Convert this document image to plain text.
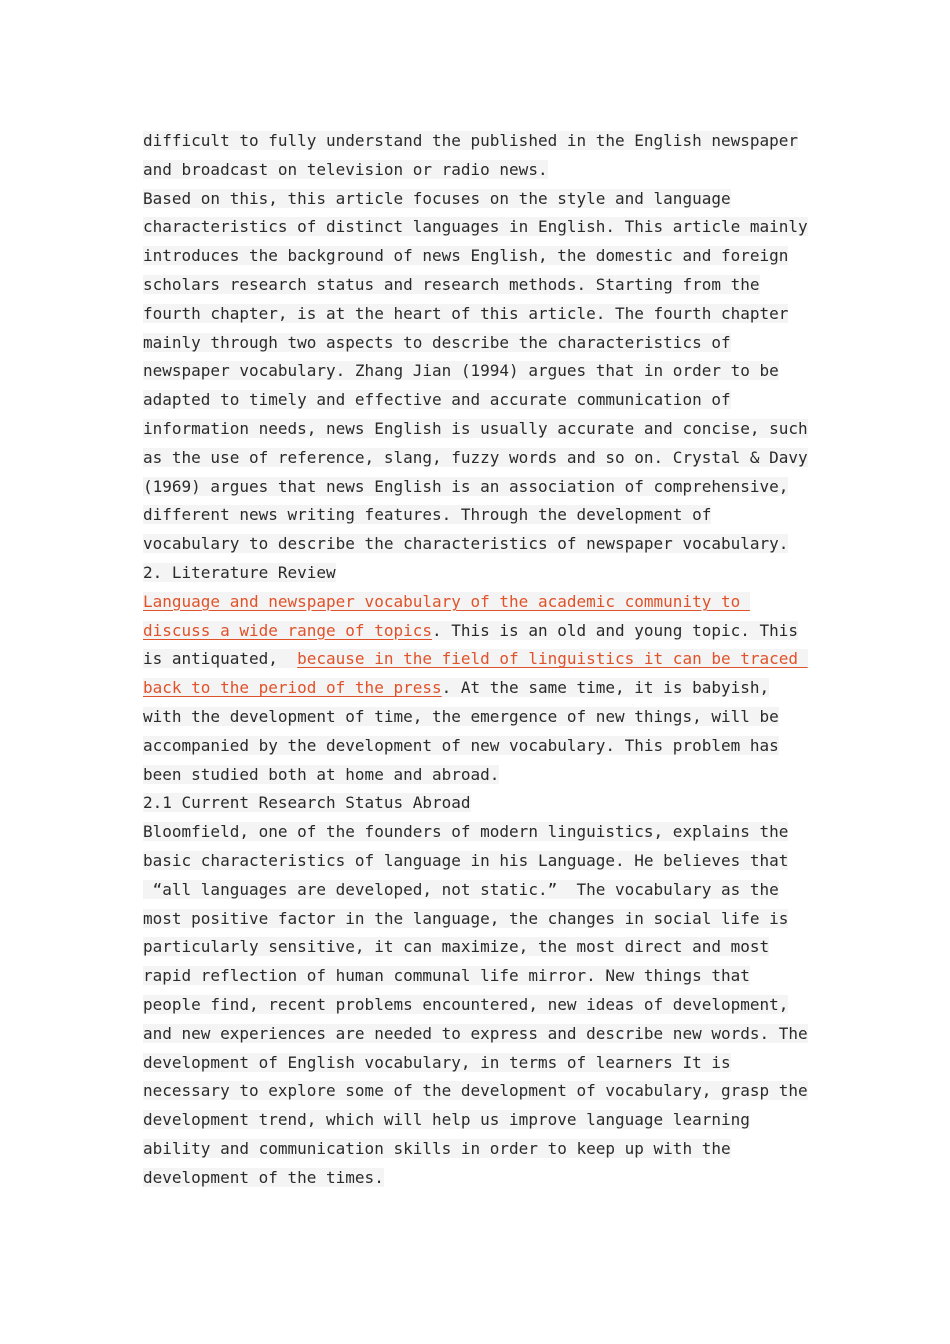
difficult to fully understand the published in the English newspaper
and broadcast on television or radio news.
Based on this, this article focuses on the style and language
characteristics of distinct languages in English. This article mainly
introduces the background of news English, the domestic and foreign
scholars research status and research methods. Starting from the
fourth chapter, is at the heart of this article. The fourth chapter
mainly through two aspects to describe the characteristics of
newspaper vocabulary. Zhang Jian (1994) argues that in order to be
adapted to timely and effective and accurate communication of
information needs, news English is usually accurate and concise, such
as the use of reference, slang, fuzzy words and so on. Crystal & Davy
(1969) argues that news English is an association of comprehensive,
different news writing features. Through the development of
vocabulary to describe the characteristics of newspaper vocabulary.
2. Literature Review
Language and newspaper vocabulary of the academic community to
discuss a wide range of topics. This is an old and young topic. This
is antiquated,  because in the field of linguistics it can be traced
back to the period of the press. At the same time, it is babyish,
with the development of time, the emergence of new things, will be
accompanied by the development of new vocabulary. This problem has
been studied both at home and abroad.
2.1 Current Research Status Abroad
Bloomfield, one of the founders of modern linguistics, explains the
basic characteristics of language in his Language. He believes that
“all languages are developed, not static.”  The vocabulary as the
most positive factor in the language, the changes in social life is
particularly sensitive, it can maximize, the most direct and most
rapid reflection of human communal life mirror. New things that
people find, recent problems encountered, new ideas of development,
and new experiences are needed to express and describe new words. The
development of English vocabulary, in terms of learners It is
necessary to explore some of the development of vocabulary, grasp the
development trend, which will help us improve language learning
ability and communication skills in order to keep up with the
development of the times.
